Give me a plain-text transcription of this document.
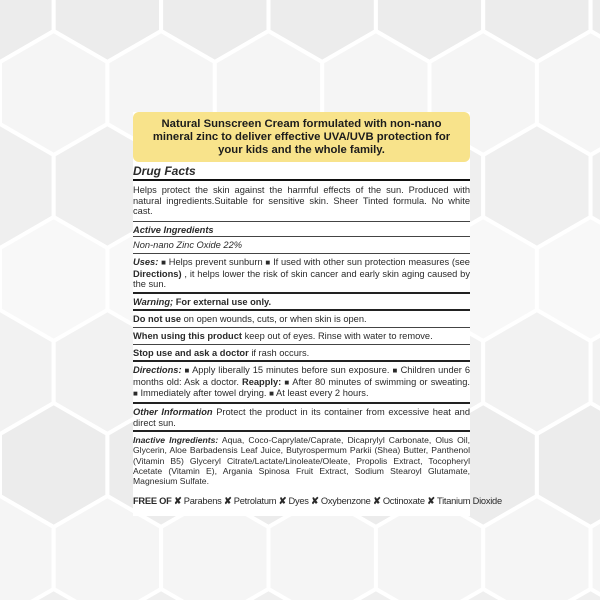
Natural Sunscreen Cream formulated with non-nano mineral zinc to deliver effective UVA/UVB protection for your kids and the whole family.
Drug Facts
Helps protect the skin against the harmful effects of the sun. Produced with natural ingredients.Suitable for sensitive skin. Sheer Tinted formula. No white cast.
Active Ingredients
Non-nano Zinc Oxide 22%
Uses: ■ Helps prevent sunburn ■ If used with other sun protection measures (see Directions) , it helps lower the risk of skin cancer and early skin aging caused by the sun.
Warning; For external use only.
Do not use on open wounds, cuts, or when skin is open.
When using this product keep out of eyes. Rinse with water to remove.
Stop use and ask a doctor if rash occurs.
Directions: ■ Apply liberally 15 minutes before sun exposure. ■ Children under 6 months old: Ask a doctor. Reapply: ■ After 80 minutes of swimming or sweating. ■ Immediately after towel drying. ■ At least every 2 hours.
Other Information Protect the product in its container from excessive heat and direct sun.
Inactive Ingredients: Aqua, Coco-Caprylate/Caprate, Dicaprylyl Carbonate, Olus Oil, Glycerin, Aloe Barbadensis Leaf Juice, Butyrospermum Parkii (Shea) Butter, Panthenol (Vitamin B5) Glyceryl Citrate/Lactate/Linoleate/Oleate, Propolis Extract, Tocopheryl Acetate (Vitamin E), Argania Spinosa Fruit Extract, Sodium Stearoyl Glutamate, Magnesium Sulfate.
FREE OF ✘ Parabens ✘ Petrolatum ✘ Dyes ✘ Oxybenzone ✘ Octinoxate ✘ Titanium Dioxide
